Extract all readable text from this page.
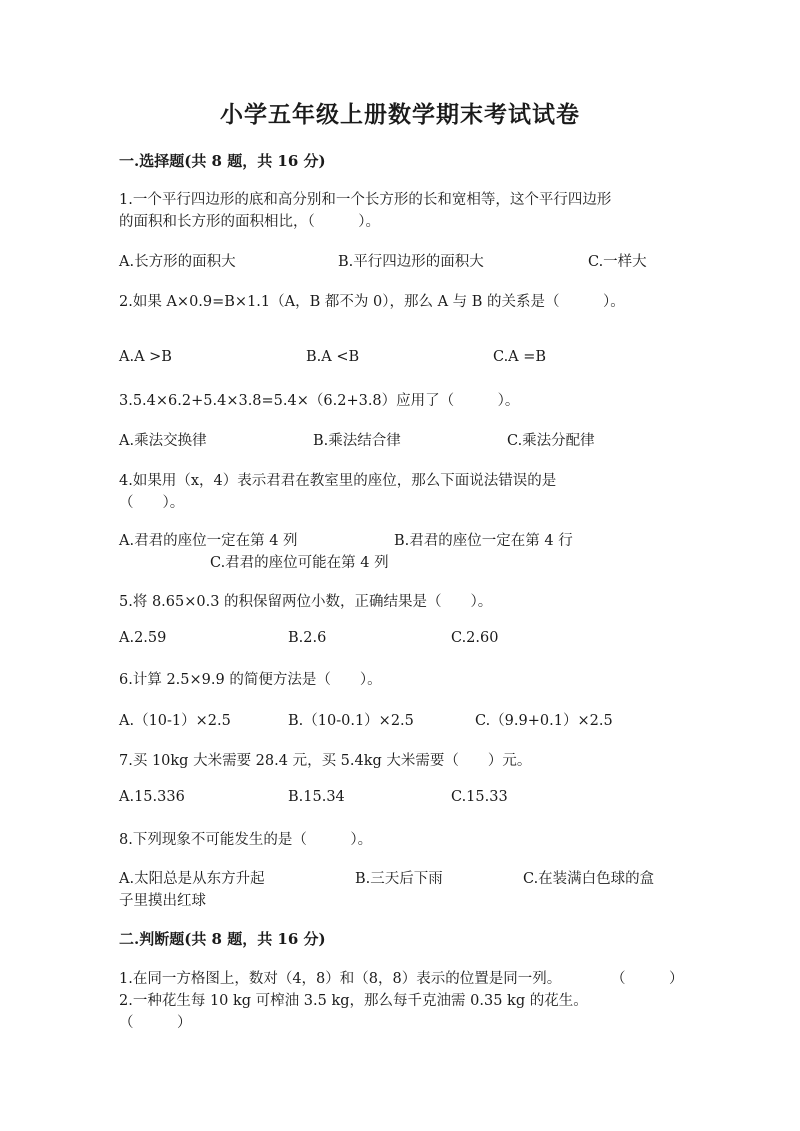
小学五年级上册数学期末考试试卷
一.选择题(共 8 题，共 16 分)
1.一个平行四边形的底和高分别和一个长方形的长和宽相等，这个平行四边形
的面积和长方形的面积相比，（　　　）。
A.长方形的面积大	B.平行四边形的面积大	C.一样大
2.如果 A×0.9=B×1.1（A，B 都不为 0），那么 A 与 B 的关系是（　　　）。
A.A >B	B.A <B	C.A =B
3.5.4×6.2+5.4×3.8=5.4×（6.2+3.8）应用了（　　　）。
A.乘法交换律	B.乘法结合律	C.乘法分配律
4.如果用（x，4）表示君君在教室里的座位，那么下面说法错误的是
（　　）。
A.君君的座位一定在第 4 列	B.君君的座位一定在第 4 行
C.君君的座位可能在第 4 列
5.将 8.65×0.3 的积保留两位小数，正确结果是（　　）。
A.2.59	B.2.6	C.2.60
6.计算 2.5×9.9 的简便方法是（　　）。
A.（10-1）×2.5	B.（10-0.1）×2.5	C.（9.9+0.1）×2.5
7.买 10kg 大米需要 28.4 元，买 5.4kg 大米需要（　　）元。
A.15.336	B.15.34	C.15.33
8.下列现象不可能发生的是（　　　）。
A.太阳总是从东方升起	B.三天后下雨	C.在装满白色球的盒
子里摸出红球
二.判断题(共 8 题，共 16 分)
1.在同一方格图上，数对（4，8）和（8，8）表示的位置是同一列。	（　　　）
2.一种花生每 10 kg 可榨油 3.5 kg，那么每千克油需 0.35 kg 的花生。
（　　　）
